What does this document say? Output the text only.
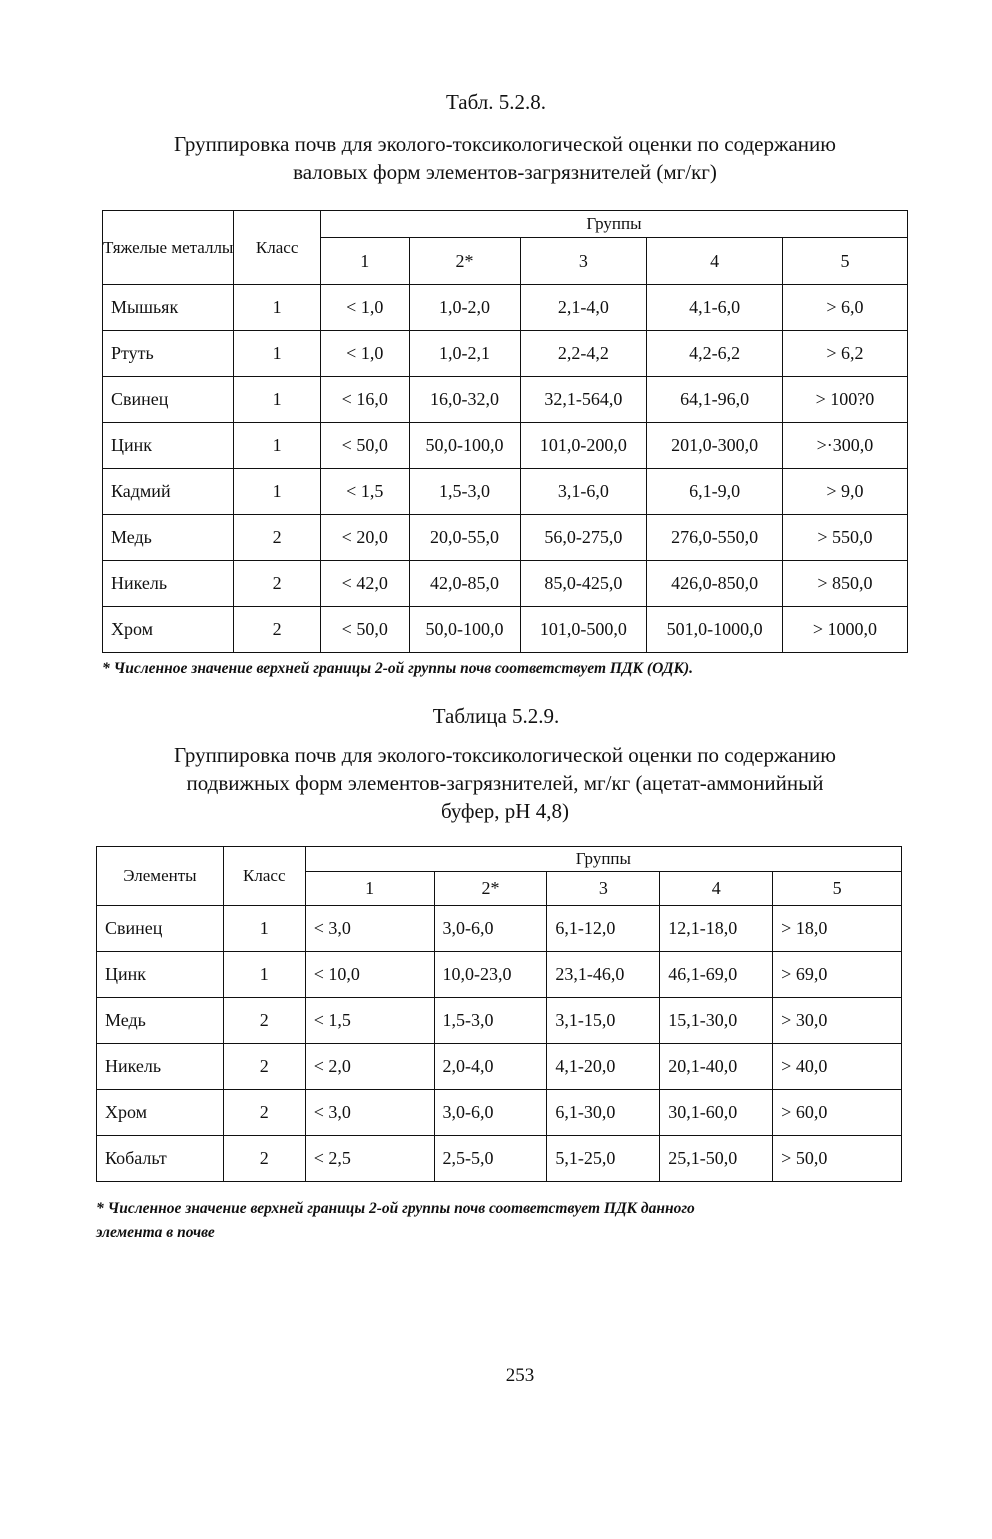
Табл. 5.2.8.
Группировка почв для эколого-токсикологической оценки по содержанию
валовых форм элементов-загрязнителей (мг/кг)
Тяжелые металлы	Класс	Группы				
		1	2*	3	4	5
Мышьяк	1	< 1,0	1,0-2,0	2,1-4,0	4,1-6,0	> 6,0
Ртуть	1	< 1,0	1,0-2,1	2,2-4,2	4,2-6,2	> 6,2
Свинец	1	< 16,0	16,0-32,0	32,1-564,0	64,1-96,0	> 100?0
Цинк	1	< 50,0	50,0-100,0	101,0-200,0	201,0-300,0	>·300,0
Кадмий	1	< 1,5	1,5-3,0	3,1-6,0	6,1-9,0	> 9,0
Медь	2	< 20,0	20,0-55,0	56,0-275,0	276,0-550,0	> 550,0
Никель	2	< 42,0	42,0-85,0	85,0-425,0	426,0-850,0	> 850,0
Хром	2	< 50,0	50,0-100,0	101,0-500,0	501,0-1000,0	> 1000,0
* Численное значение верхней границы 2-ой группы почв соответствует ПДК (ОДК).
Таблица 5.2.9.
Группировка почв для эколого-токсикологической оценки по содержанию
подвижных форм элементов-загрязнителей, мг/кг (ацетат-аммонийный
буфер, pH 4,8)
Элементы	Класс	Группы				
		1	2*	3	4	5
Свинец	1	< 3,0	3,0-6,0	6,1-12,0	12,1-18,0	> 18,0
Цинк	1	< 10,0	10,0-23,0	23,1-46,0	46,1-69,0	> 69,0
Медь	2	< 1,5	1,5-3,0	3,1-15,0	15,1-30,0	> 30,0
Никель	2	< 2,0	2,0-4,0	4,1-20,0	20,1-40,0	> 40,0
Хром	2	< 3,0	3,0-6,0	6,1-30,0	30,1-60,0	> 60,0
Кобальт	2	< 2,5	2,5-5,0	5,1-25,0	25,1-50,0	> 50,0
* Численное значение верхней границы 2-ой группы почв соответствует ПДК данного
элемента в почве
253
